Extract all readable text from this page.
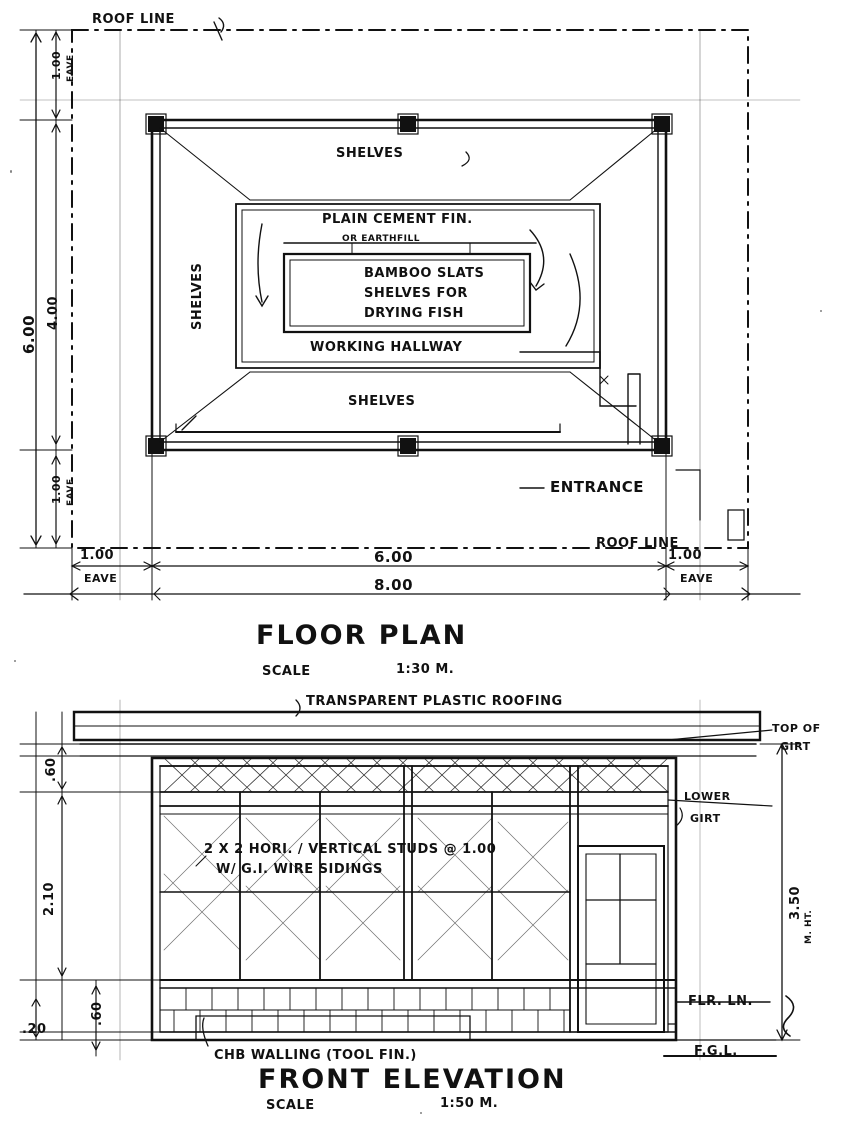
ROOF LINE
SHELVES
SHELVES
SHELVES
PLAIN CEMENT FIN.
OR EARTHFILL
BAMBOO SLATS
SHELVES FOR
DRYING FISH
WORKING HALLWAY
ENTRANCE
ROOF LINE
1.00 EAVE
4.00
6.00
1.00 EAVE
1.00
EAVE
6.00	1.00
EAVE
8.00
FLOOR PLAN
SCALE	1:30 M.
TRANSPARENT PLASTIC ROOFING
TOP OF
GIRT
LOWER
GIRT
2 X 2 HORI. / VERTICAL STUDS @ 1.00
W/ G.I. WIRE SIDINGS
CHB WALLING (TOOL FIN.)
FLR. LN.
F.G.L.
.60
2.10
.20
.60
3.50
M. HT.
FRONT ELEVATION
SCALE	1:50 M.
